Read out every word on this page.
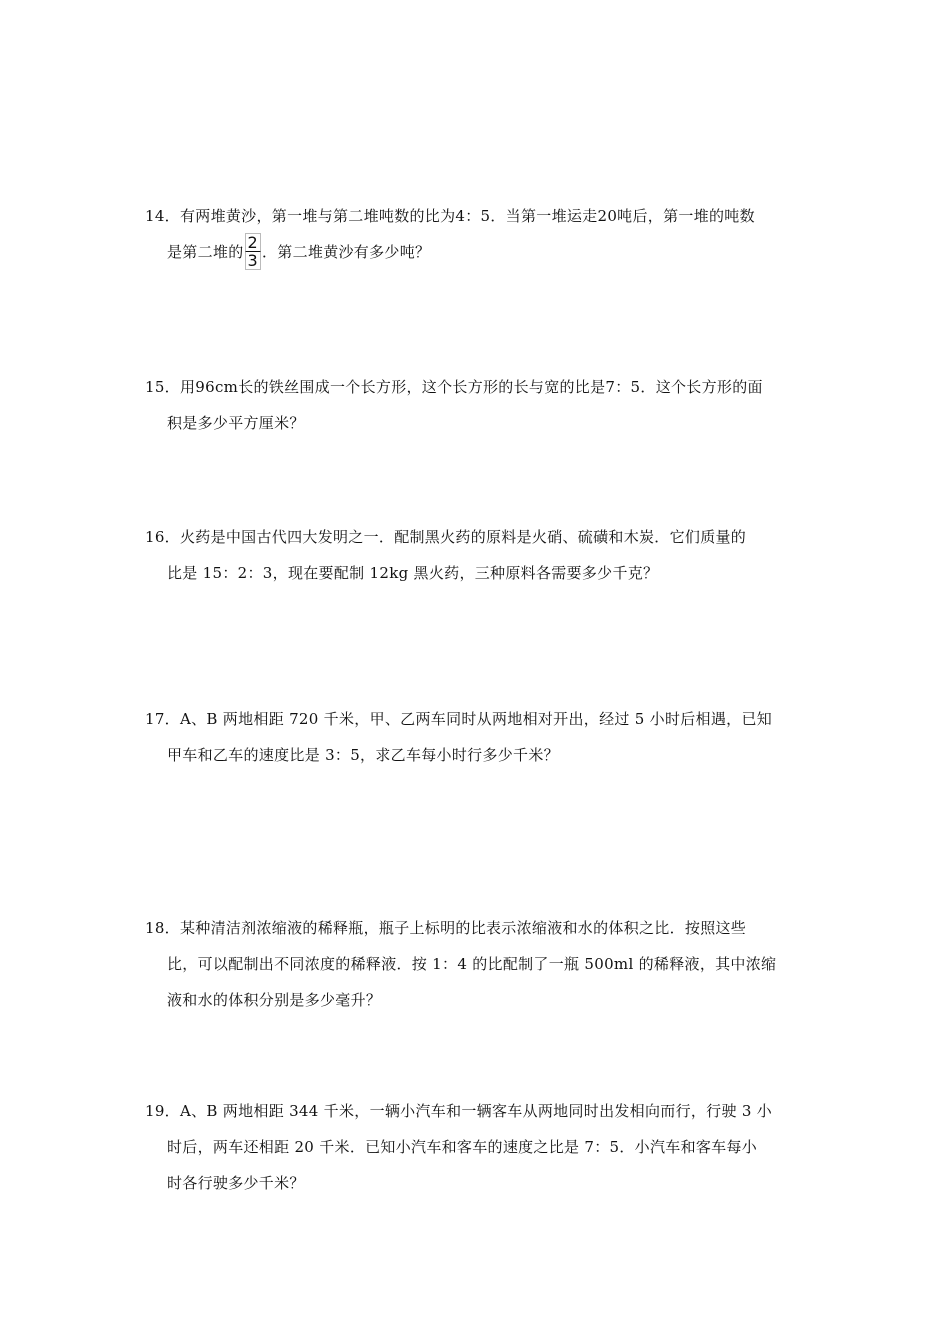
14．有两堆黄沙，第一堆与第二堆吨数的比为4：5．当第一堆运走20吨后，第一堆的吨数
是第二堆的 $\frac{2}{3}$ ．第二堆黄沙有多少吨？
15．用96cm长的铁丝围成一个长方形，这个长方形的长与宽的比是7：5．这个长方形的面
积是多少平方厘米？
16．火药是中国古代四大发明之一．配制黑火药的原料是火硝、硫磺和木炭．它们质量的
比是 15：2：3，现在要配制 12kg 黑火药，三种原料各需要多少千克？
17．A、B 两地相距 720 千米，甲、乙两车同时从两地相对开出，经过 5 小时后相遇，已知
甲车和乙车的速度比是 3：5，求乙车每小时行多少千米？
18．某种清洁剂浓缩液的稀释瓶，瓶子上标明的比表示浓缩液和水的体积之比．按照这些
比，可以配制出不同浓度的稀释液．按 1：4 的比配制了一瓶 500ml 的稀释液，其中浓缩
液和水的体积分别是多少毫升？
19．A、B 两地相距 344 千米，一辆小汽车和一辆客车从两地同时出发相向而行，行驶 3 小
时后，两车还相距 20 千米．已知小汽车和客车的速度之比是 7：5．小汽车和客车每小
时各行驶多少千米？
